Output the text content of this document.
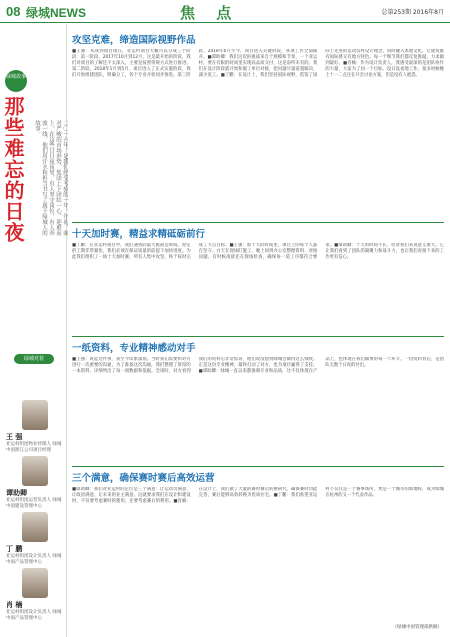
08 绿城NEWS	焦 点	总第253期 2016年8月
绿城故事
那些难忘的日夜	二〇一六年，是我们经受考验的一年。年初，面对严峻的市场形势，集团上下团结一心、迎难而上。在这些日日夜夜里，有人坚守岗位，有人奔波一线，他们用汗水和担当书写了属于绿城人的故事。
绿城对着
王 强
亚运村组团物业经理人 绿城中国浙江公司项目经理
谭助卿
亚运村组团运营负责人 绿城中国建设管理中心
丁 鹏
亚运村组团设计负责人 绿城中国产品管理中心
肖 楠
亚运村组团设计负责人 绿城中国产品管理中心
攻坚克难，缔造国际视野作品
■王强：从我到项目现在，亚运村项目大概可以分成三个阶段：第一阶段，2017年10月到12月，这是最开始的阶段，我们对项目的了解还不太深入，主要是按照常规方式进行推进。第二阶段，2018年1月到5月，项目进入了正式实施阶段，我们开始组建团队，明确分工，各个专业开始同步推进。第三阶段，2018年6月至今，项目进入关键阶段，各项工作全面铺开。■谭助卿：我们这次的挑战来自于规模和节奏，一个亚运村，要在有限的时间里实现高品质交付，这是前所未有的。我们在设计阶段就开始和施工单位对接，把问题尽量前置解决，减少返工。■丁鹏：在设计上，我们坚持国际视野，借鉴了国际上先进的运动员村设计理念，同时融入本地文化，让建筑既有国际感又有地方特色。每一个细节我们都反复推敲，力求做到最好。■肖楠：作为设计负责人，我感受最深的是团队协作的力量，大家为了同一个目标，没日没夜地工作。很多时候晚上十一二点还在开会讨论方案，但是没有人抱怨。
十天加时赛，精益求精砥砺前行
■丁鹏：在亚运村项目中，我们遇到的最大挑战是时间。原定的工期非常紧张，我们必须在保证质量的前提下加快进度。为此我们组织了一场十天加时赛，所有人集中攻坚，终于按时完成了节点目标。■王强：那十天的时间里，项目上的每个人都在坚守。白天在现场盯施工，晚上回到办公室整理资料、对接问题。有时候凌晨还在现场检查，确保每一道工序都符合要求。■谭助卿：十天的时间不长，但对我们来说意义重大。它让我们看到了团队的凝聚力和战斗力，也让我们对接下来的工作更有信心。
一纸资料，专业精神感动对手
■王强：说起这件事，我至今印象深刻。当时我们需要和对方进行一次重要的沟通，为了准备这次沟通，我们整理了厚厚的一本资料，详细列出了每一项数据和依据。会谈时，对方看到我们的资料后非常惊讶，他们说没想到绿城会做得这么细致。正是这份专业精神，最终打动了对方，也为项目赢得了支持。■谭助卿：绿城一直以来都强调专业和品质，这不仅体现在产品上，也体现在我们做事的每一个环节。一份资料背后，是团队无数个日夜的付出。
三个满意，确保赛时赛后高效运营
■谭助卿：我们对亚运村的定位是三个满意：让运动员满意、让政府满意、让未来的业主满意。这就要求我们在设计和建设时，不仅要考虑赛时的使用，还要考虑赛后的利用。■肖楠：在设计上，我们做了大量的赛时赛后转换研究，确保赛时功能完善，赛后能够高效转换为优质住宅。■丁鹏：我们希望亚运村不仅仅是一个赛事场所，更是一个城市的新地标，成为绿城在杭州的又一个代表作品。
（绿城中国管理部供稿）
